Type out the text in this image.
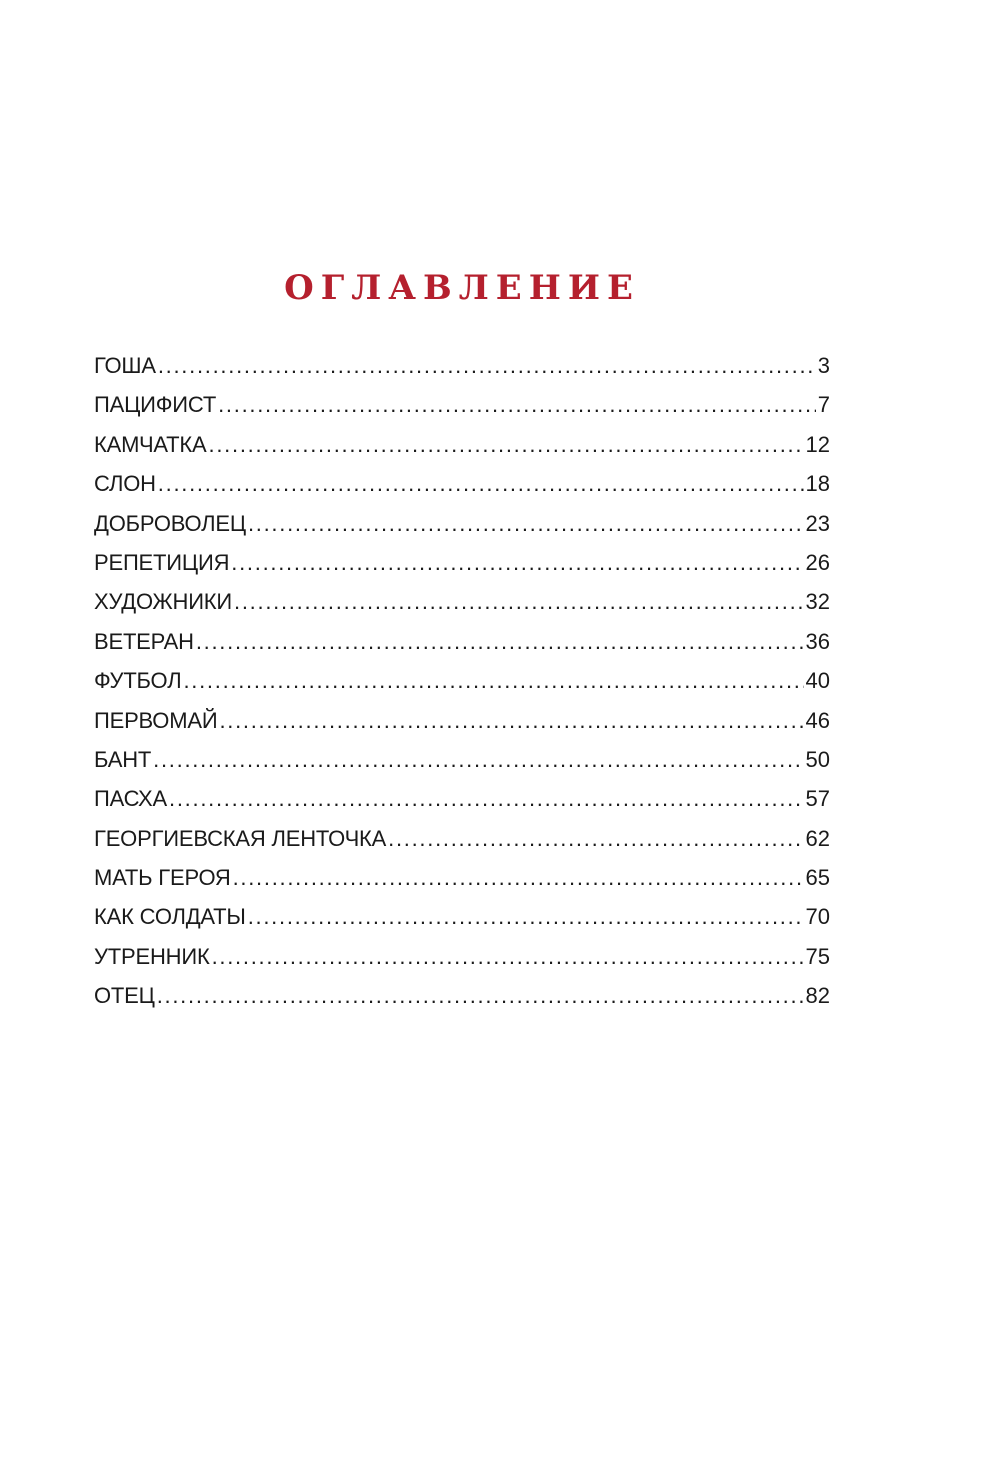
ОГЛАВЛЕНИЕ
ГОША . . .	3
ПАЦИФИСТ . . .	7
КАМЧАТКА . . .	12
СЛОН . . .	18
ДОБРОВОЛЕЦ . . .	23
РЕПЕТИЦИЯ . . .	26
ХУДОЖНИКИ . . .	32
ВЕТЕРАН . . .	36
ФУТБОЛ . . .	40
ПЕРВОМАЙ . . .	46
БАНТ . . .	50
ПАСХА . . .	57
ГЕОРГИЕВСКАЯ ЛЕНТОЧКА . . .	62
МАТЬ ГЕРОЯ . . .	65
КАК СОЛДАТЫ . . .	70
УТРЕННИК . . .	75
ОТЕЦ . . .	82
